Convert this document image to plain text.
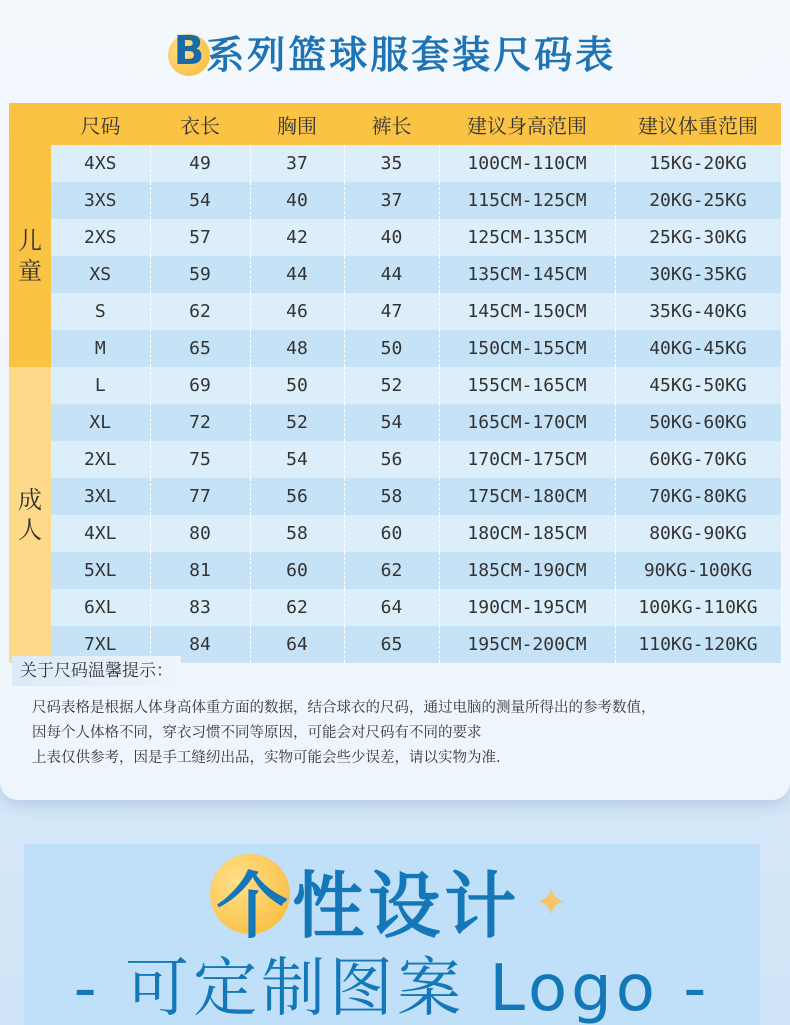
B 系列篮球服套装尺码表
	尺码	衣长	胸围	裤长	建议身高范围	建议体重范围

儿
童	4XS	49	37	35	100CM-110CM	15KG-20KG
	3XS	54	40	37	115CM-125CM	20KG-25KG
	2XS	57	42	40	125CM-135CM	25KG-30KG
	XS	59	44	44	135CM-145CM	30KG-35KG
	S	62	46	47	145CM-150CM	35KG-40KG
	M	65	48	50	150CM-155CM	40KG-45KG

成
人	L	69	50	52	155CM-165CM	45KG-50KG
	XL	72	52	54	165CM-170CM	50KG-60KG
	2XL	75	54	56	170CM-175CM	60KG-70KG
	3XL	77	56	58	175CM-180CM	70KG-80KG
	4XL	80	58	60	180CM-185CM	80KG-90KG
	5XL	81	60	62	185CM-190CM	90KG-100KG
	6XL	83	62	64	190CM-195CM	100KG-110KG
	7XL	84	64	65	195CM-200CM	110KG-120KG
关于尺码温馨提示：

尺码表格是根据人体身高体重方面的数据，结合球衣的尺码，通过电脑的测量所得出的参考数值，

因每个人体格不同，穿衣习惯不同等原因，可能会对尺码有不同的要求

上表仅供参考，因是手工缝纫出品，实物可能会些少误差，请以实物为准.

个 性设计 ✦
- 可定制图案 Logo -
